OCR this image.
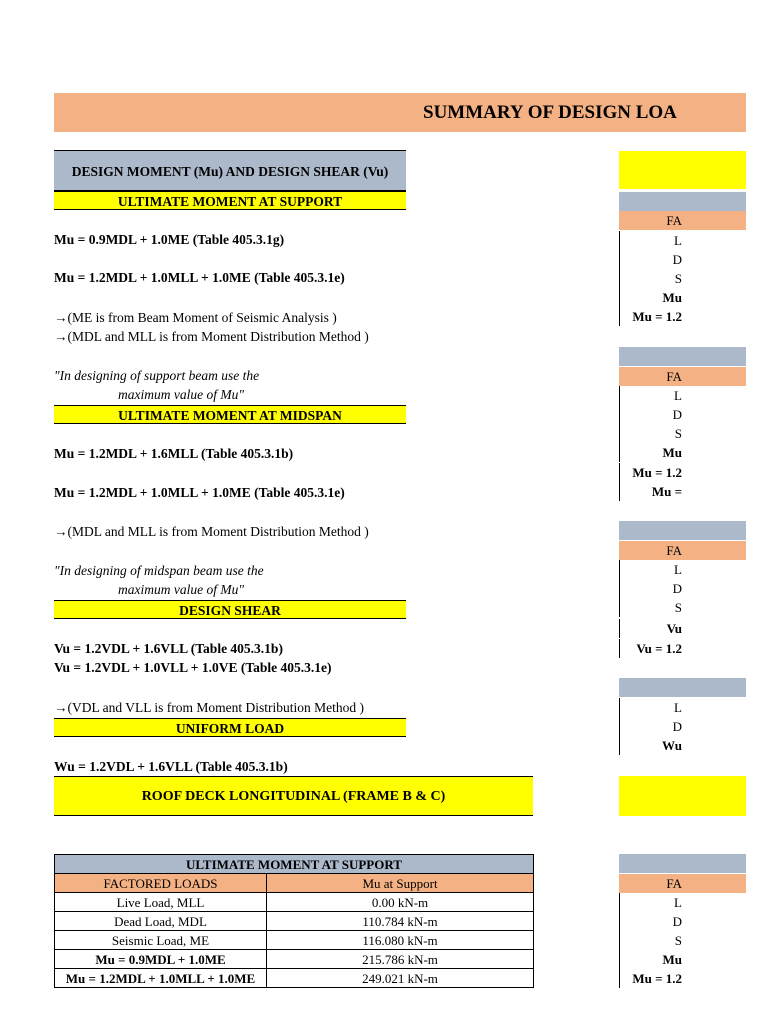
SUMMARY OF DESIGN LOA
DESIGN MOMENT (Mu) AND DESIGN SHEAR (Vu)
ULTIMATE MOMENT AT SUPPORT
Mu = 0.9MDL + 1.0ME (Table 405.3.1g)
Mu = 1.2MDL + 1.0MLL + 1.0ME (Table 405.3.1e)
→(ME is from Beam Moment of Seismic Analysis )
→(MDL and MLL is from Moment Distribution Method )
"In designing of support beam use the
maximum value of Mu"
ULTIMATE MOMENT AT MIDSPAN
Mu = 1.2MDL + 1.6MLL (Table 405.3.1b)
Mu = 1.2MDL + 1.0MLL + 1.0ME (Table 405.3.1e)
→(MDL and MLL is from Moment Distribution Method )
"In designing of midspan beam use the
maximum value of Mu"
DESIGN SHEAR
Vu = 1.2VDL + 1.6VLL (Table 405.3.1b)
Vu = 1.2VDL + 1.0VLL + 1.0VE (Table 405.3.1e)
→(VDL and VLL is from Moment Distribution Method )
UNIFORM LOAD
Wu = 1.2VDL + 1.6VLL (Table 405.3.1b)
ROOF DECK LONGITUDINAL (FRAME B & C)
ULTIMATE MOMENT AT SUPPORT	
FACTORED LOADS	Mu at Support
Live Load, MLL	0.00 kN-m
Dead Load, MDL	110.784 kN-m
Seismic Load, ME	116.080 kN-m
Mu = 0.9MDL + 1.0ME	215.786 kN-m
Mu = 1.2MDL + 1.0MLL + 1.0ME	249.021 kN-m
FA
L
D
S
Mu
Mu = 1.2
FA
L
D
S
Mu
Mu = 1.2
Mu =
FA
L
D
S
Vu
Vu = 1.2
L
D
Wu
FA
L
D
S
Mu
Mu = 1.2
